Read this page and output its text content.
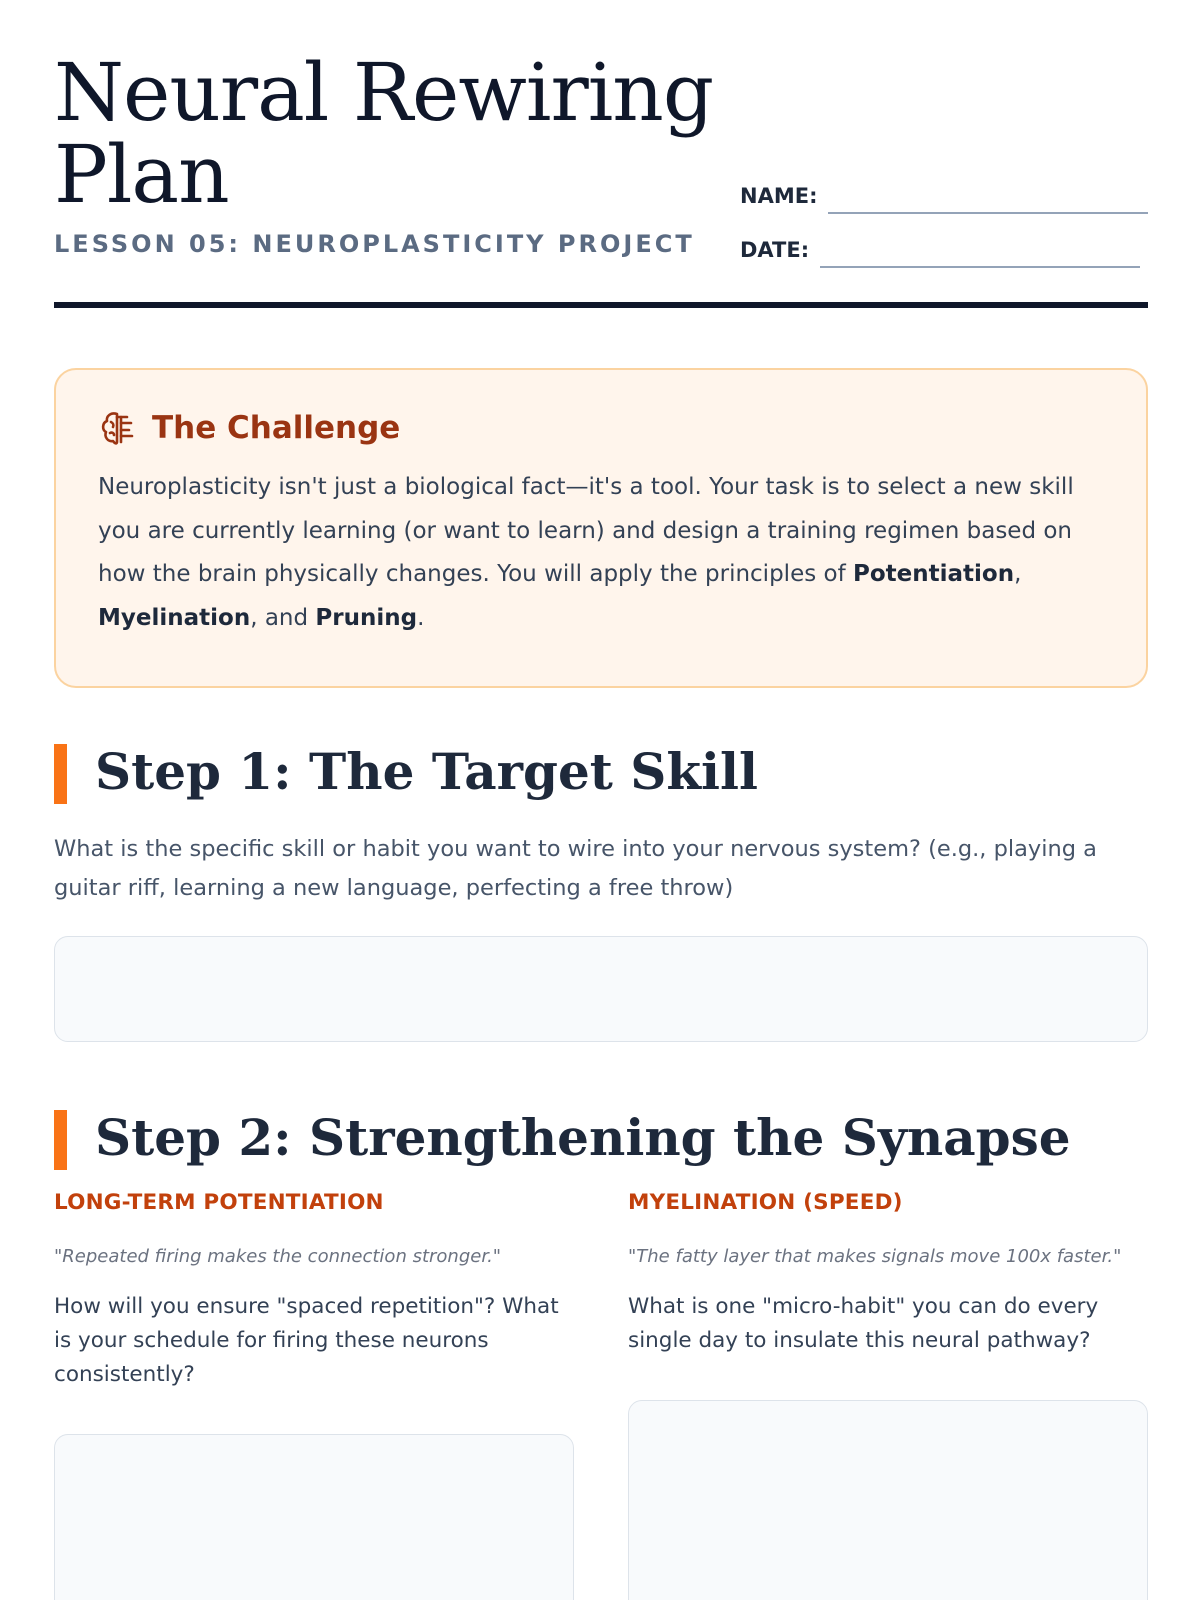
Neural Rewiring Plan
LESSON 05: NEUROPLASTICITY PROJECT
NAME:
DATE:
The Challenge

Neuroplasticity isn't just a biological fact—it's a tool. Your task is to select a new skill you are currently learning (or want to learn) and design a training regimen based on how the brain physically changes. You will apply the principles of Potentiation, Myelination, and Pruning.

Step 1: The Target Skill

What is the specific skill or habit you want to wire into your nervous system? (e.g., playing a guitar riff, learning a new language, perfecting a free throw)

Step 2: Strengthening the Synapse
LONG-TERM POTENTIATION
"Repeated firing makes the connection stronger."

How will you ensure "spaced repetition"? What is your schedule for firing these neurons consistently?

MYELINATION (SPEED)
"The fatty layer that makes signals move 100x faster."

What is one "micro-habit" you can do every single day to insulate this neural pathway?
